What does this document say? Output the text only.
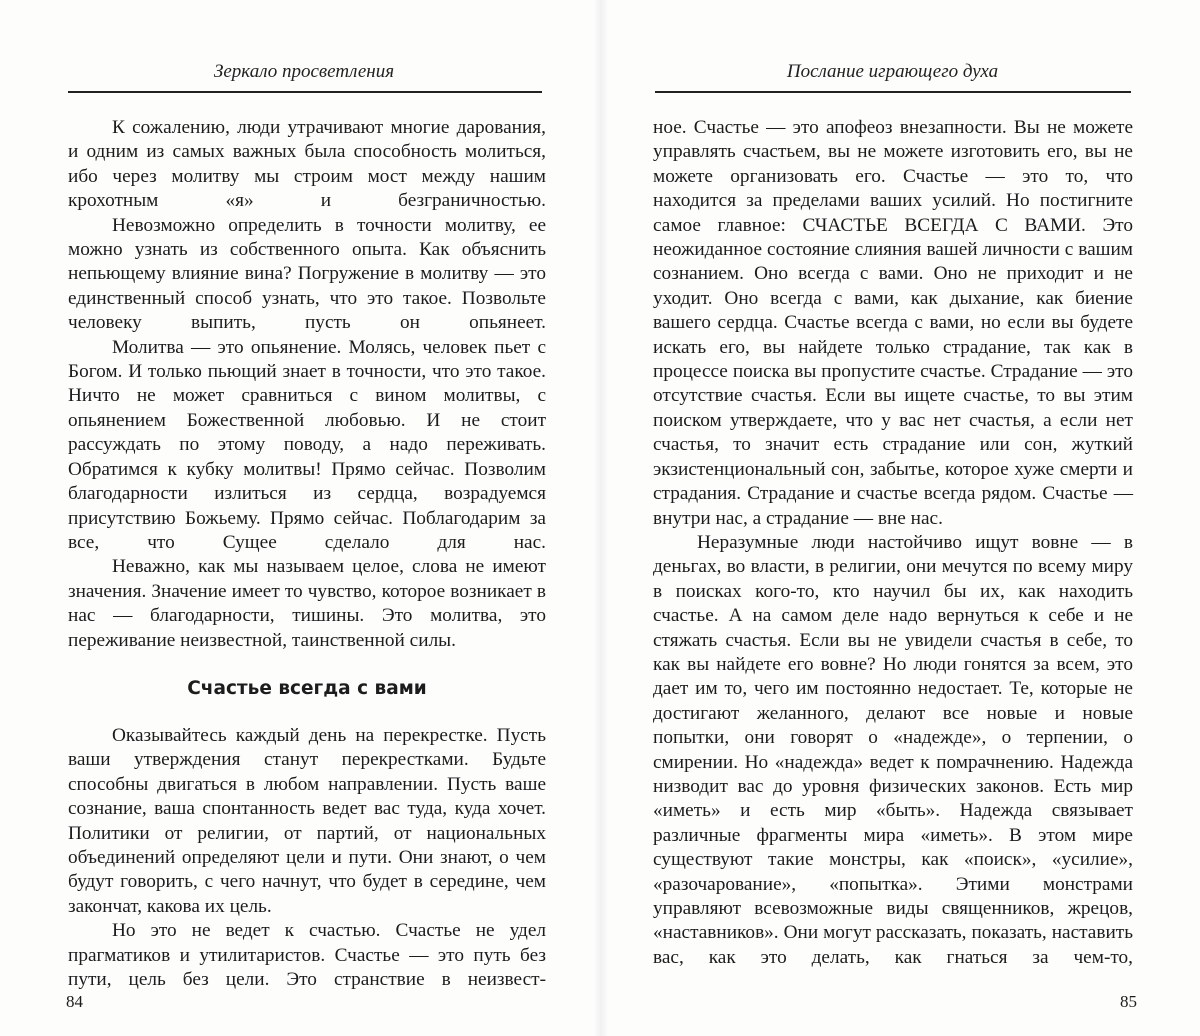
Зеркало просветления

К сожалению, люди утрачивают многие дарования, и одним из самых важных была способность молиться, ибо через молитву мы строим мост между нашим крохотным «я» и безграничностью.

Невозможно определить в точности молитву, ее можно узнать из собственного опыта. Как объяснить непьющему влияние вина? Погружение в молитву — это единственный способ узнать, что это такое. Позвольте человеку выпить, пусть он опьянеет.

Молитва — это опьянение. Молясь, человек пьет с Богом. И только пьющий знает в точности, что это такое. Ничто не может сравниться с вином молитвы, с опьянением Божественной любовью. И не стоит рассуждать по этому поводу, а надо переживать. Обратимся к кубку молитвы! Прямо сейчас. Позволим благодарности излиться из сердца, возрадуемся присутствию Божьему. Прямо сейчас. Поблагодарим за все, что Сущее сделало для нас.

Неважно, как мы называем целое, слова не имеют значения. Значение имеет то чувство, которое возникает в нас — благодарности, тишины. Это молитва, это переживание неизвестной, таинственной силы.

Счастье всегда с вами

Оказывайтесь каждый день на перекрестке. Пусть ваши утверждения станут перекрестками. Будьте способны двигаться в любом направлении. Пусть ваше сознание, ваша спонтанность ведет вас туда, куда хочет. Политики от религии, от партий, от национальных объединений определяют цели и пути. Они знают, о чем будут говорить, с чего начнут, что будет в середине, чем закончат, какова их цель.

Но это не ведет к счастью. Счастье не удел прагматиков и утилитаристов. Счастье — это путь без пути, цель без цели. Это странствие в неизвест-

84
Послание играющего духа

ное. Счастье — это апофеоз внезапности. Вы не можете управлять счастьем, вы не можете изготовить его, вы не можете организовать его. Счастье — это то, что находится за пределами ваших усилий. Но постигните самое главное: СЧАСТЬЕ ВСЕГДА С ВАМИ. Это неожиданное состояние слияния вашей личности с вашим сознанием. Оно всегда с вами. Оно не приходит и не уходит. Оно всегда с вами, как дыхание, как биение вашего сердца. Счастье всегда с вами, но если вы будете искать его, вы найдете только страдание, так как в процессе поиска вы пропустите счастье. Страдание — это отсутствие счастья. Если вы ищете счастье, то вы этим поиском утверждаете, что у вас нет счастья, а если нет счастья, то значит есть страдание или сон, жуткий экзистенциональный сон, забытье, которое хуже смерти и страдания. Страдание и счастье всегда рядом. Счастье — внутри нас, а страдание — вне нас.

Неразумные люди настойчиво ищут вовне — в деньгах, во власти, в религии, они мечутся по всему миру в поисках кого-то, кто научил бы их, как находить счастье. А на самом деле надо вернуться к себе и не стяжать счастья. Если вы не увидели счастья в себе, то как вы найдете его вовне? Но люди гонятся за всем, это дает им то, чего им постоянно недостает. Те, которые не достигают желанного, делают все новые и новые попытки, они говорят о «надежде», о терпении, о смирении. Но «надежда» ведет к помрачнению. Надежда низводит вас до уровня физических законов. Есть мир «иметь» и есть мир «быть». Надежда связывает различные фрагменты мира «иметь». В этом мире существуют такие монстры, как «поиск», «усилие», «разочарование», «попытка». Этими монстрами управляют всевозможные виды священников, жрецов, «наставников». Они могут рассказать, показать, наставить вас, как это делать, как гнаться за чем-то,

85
